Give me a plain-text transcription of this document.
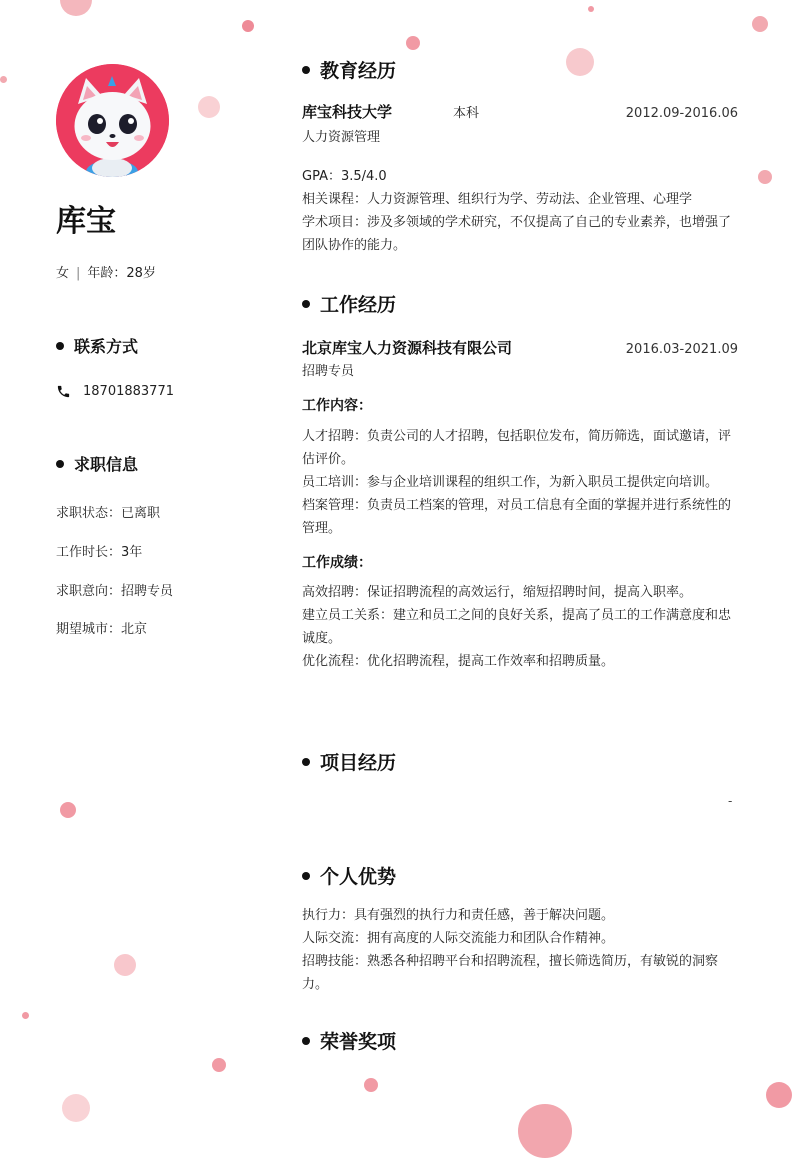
库宝
女 | 年龄：28岁
联系方式
18701883771
求职信息
求职状态：已离职
工作时长：3年
求职意向：招聘专员
期望城市：北京
教育经历
库宝科技大学	本科	2012.09-2016.06

人力资源管理

GPA：3.5/4.0

相关课程：人力资源管理、组织行为学、劳动法、企业管理、心理学

学术项目：涉及多领域的学术研究，不仅提高了自己的专业素养，也增强了团队协作的能力。

工作经历
北京库宝人力资源科技有限公司	2016.03-2021.09

招聘专员

工作内容：

人才招聘：负责公司的人才招聘，包括职位发布，简历筛选，面试邀请，评估评价。

员工培训：参与企业培训课程的组织工作，为新入职员工提供定向培训。

档案管理：负责员工档案的管理，对员工信息有全面的掌握并进行系统性的管理。

工作成绩：

高效招聘：保证招聘流程的高效运行，缩短招聘时间，提高入职率。

建立员工关系：建立和员工之间的良好关系，提高了员工的工作满意度和忠诚度。

优化流程：优化招聘流程，提高工作效率和招聘质量。

项目经历
-
个人优势

执行力：具有强烈的执行力和责任感，善于解决问题。

人际交流：拥有高度的人际交流能力和团队合作精神。

招聘技能：熟悉各种招聘平台和招聘流程，擅长筛选简历，有敏锐的洞察力。

荣誉奖项
